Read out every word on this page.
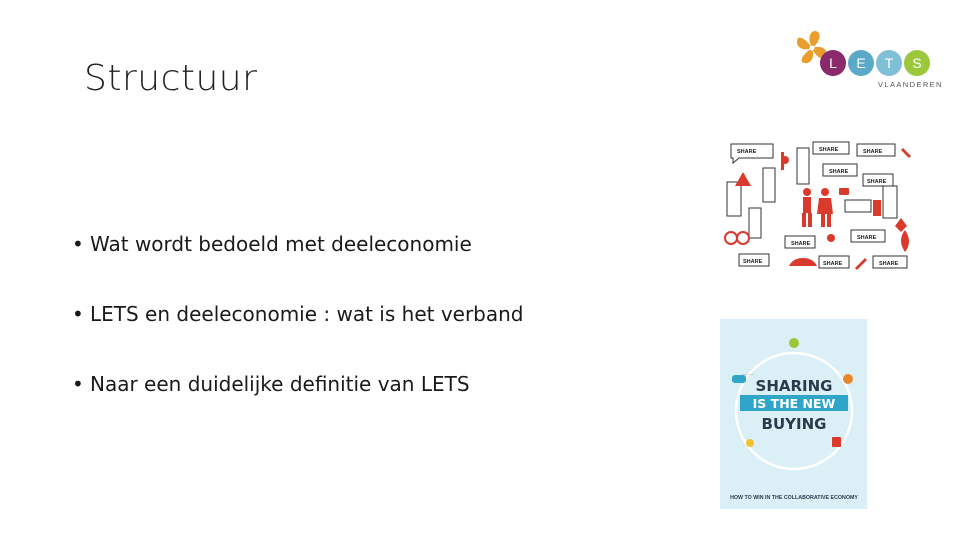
Structuur
• Wat wordt bedoeld met deeleconomie
• LETS en deeleconomie : wat is het verband
• Naar een duidelijke definitie van LETS
L	E	T	S
VLAANDEREN
SHARE	SHARE	SHARE
SHARE
SHARE
SHARE
SHARE
SHARE	SHARE	SHARE
— · —
SHARING
IS THE NEW
BUYING
HOW TO WIN IN THE COLLABORATIVE ECONOMY
